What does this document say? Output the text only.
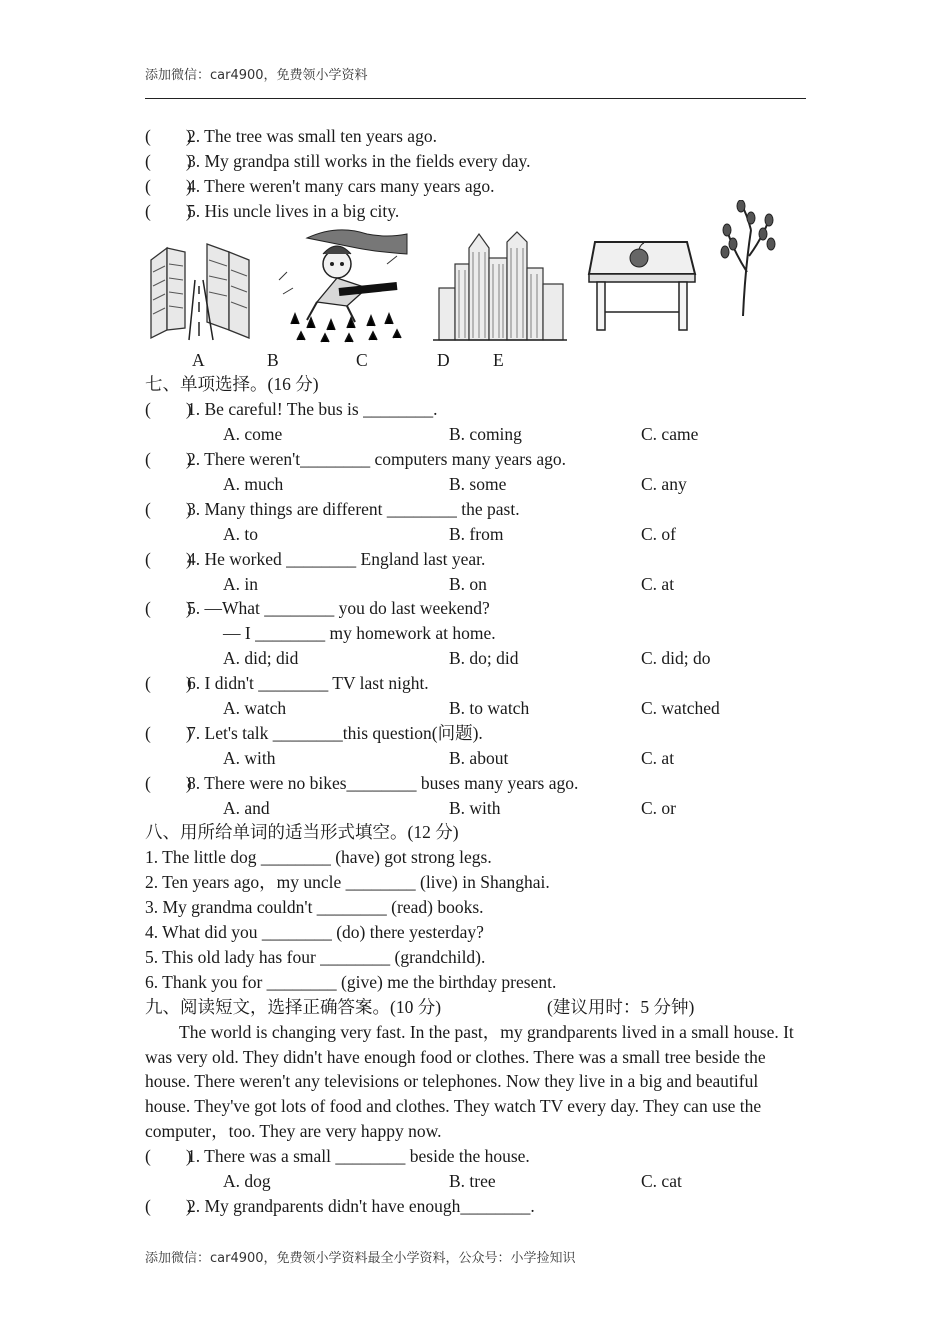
添加微信：car4900，免费领小学资料
(        )2. The tree was small ten years ago.
(        )3. My grandpa still works in the fields every day.
(        )4. There weren't many cars many years ago.
(        )5. His uncle lives in a big city.
A	B	C	D E
七、单项选择。(16 分)
(        )1. Be careful! The bus is ________.
A. come	B. coming	C. came
(        )2. There weren't________ computers many years ago.
A. much	B. some	C. any
(        )3. Many things are different ________ the past.
A. to	B. from	C. of
(        )4. He worked ________ England last year.
A. in	B. on	C. at
(        )5. —What ________ you do last weekend?
— I ________ my homework at home.
A. did; did	B. do; did	C. did; do
(        )6. I didn't ________ TV last night.
A. watch	B. to watch	C. watched
(        )7. Let's talk ________this question(问题).
A. with	B. about	C. at
(        )8. There were no bikes________ buses many years ago.
A. and	B. with	C. or
八、用所给单词的适当形式填空。(12 分)
1. The little dog ________ (have) got strong legs.
2. Ten years ago，my uncle ________ (live) in Shanghai.
3. My grandma couldn't ________ (read) books.
4. What did you ________ (do) there yesterday?
5. This old lady has four ________ (grandchild).
6. Thank you for ________ (give) me the birthday present.
九、阅读短文，选择正确答案。(10 分)	(建议用时：5 分钟)
The world is changing very fast. In the past，my grandparents lived in a small house. It was very old. They didn't have enough food or clothes. There was a small tree beside the house. There weren't any televisions or telephones. Now they live in a big and beautiful house. They've got lots of food and clothes. They watch TV every day. They can use the computer，too. They are very happy now.
(        )1. There was a small ________ beside the house.
A. dog	B. tree	C. cat
(        )2. My grandparents didn't have enough________.
添加微信：car4900，免费领小学资料最全小学资料，公众号：小学捡知识
